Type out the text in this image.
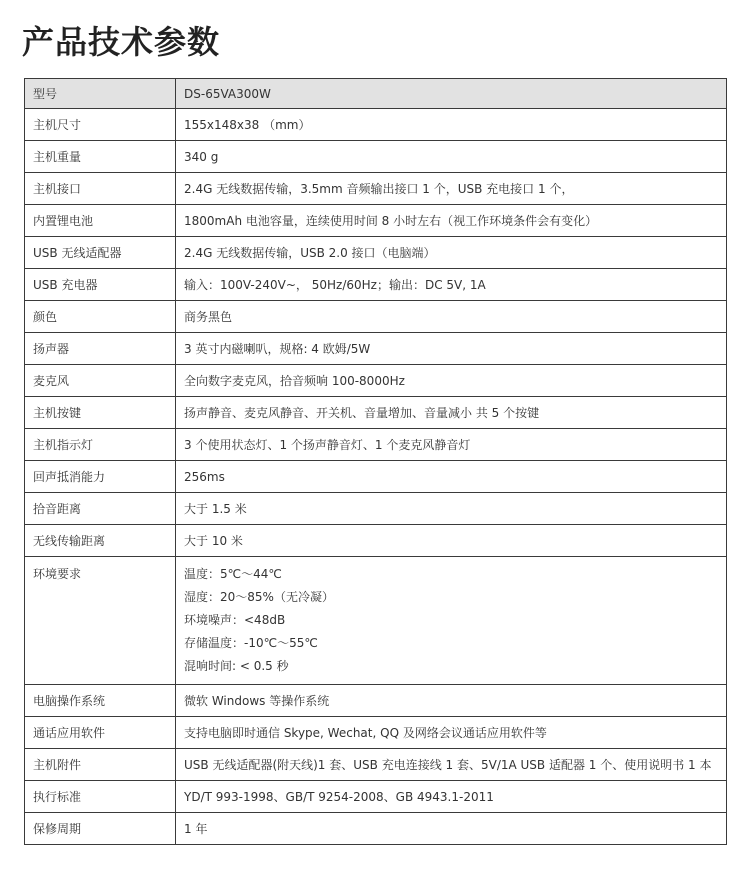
产品技术参数
型号	DS-65VA300W
主机尺寸	155x148x38 （mm）
主机重量	340 g
主机接口	2.4G 无线数据传输，3.5mm 音频输出接口 1 个，USB 充电接口 1 个，
内置锂电池	1800mAh 电池容量，连续使用时间 8 小时左右（视工作环境条件会有变化）
USB 无线适配器	2.4G 无线数据传输，USB 2.0 接口（电脑端）
USB 充电器	输入：100V-240V~， 50Hz/60Hz；输出：DC 5V, 1A
颜色	商务黑色
扬声器	3 英寸内磁喇叭，规格: 4 欧姆/5W
麦克风	全向数字麦克风，拾音频响 100-8000Hz
主机按键	扬声静音、麦克风静音、开关机、音量增加、音量减小 共 5 个按键
主机指示灯	3 个使用状态灯、1 个扬声静音灯、1 个麦克风静音灯
回声抵消能力	256ms
拾音距离	大于 1.5 米
无线传输距离	大于 10 米
环境要求	温度：5℃～44℃
湿度：20～85%（无冷凝）
环境噪声：<48dB
存储温度：-10℃～55℃
混响时间: < 0.5 秒

电脑操作系统	微软 Windows 等操作系统
通话应用软件	支持电脑即时通信 Skype, Wechat, QQ 及网络会议通话应用软件等
主机附件	USB 无线适配器(附天线)1 套、USB 充电连接线 1 套、5V/1A USB 适配器 1 个、使用说明书 1 本
执行标准	YD/T 993-1998、GB/T 9254-2008、GB 4943.1-2011
保修周期	1 年
